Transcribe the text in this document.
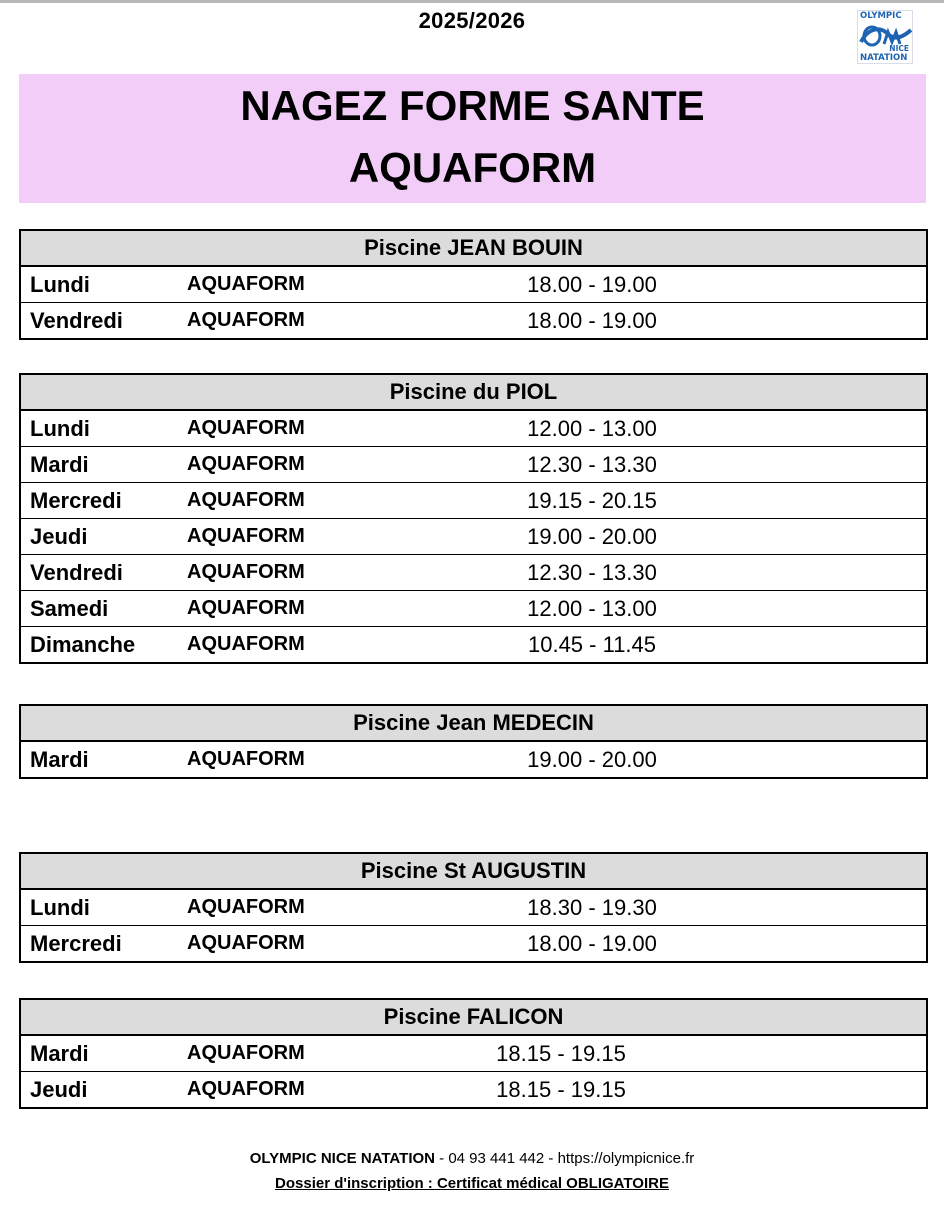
2025/2026	OLYMPIC
NICE
NATATION
NAGEZ FORME SANTE
AQUAFORM
Piscine JEAN BOUIN
Lundi	AQUAFORM	18.00 - 19.00
Vendredi	AQUAFORM	18.00 - 19.00
Piscine du PIOL
Lundi	AQUAFORM	12.00 - 13.00
Mardi	AQUAFORM	12.30 - 13.30
Mercredi	AQUAFORM	19.15 - 20.15
Jeudi	AQUAFORM	19.00 - 20.00
Vendredi	AQUAFORM	12.30 - 13.30
Samedi	AQUAFORM	12.00 - 13.00
Dimanche	AQUAFORM	10.45 - 11.45
Piscine Jean MEDECIN
Mardi	AQUAFORM	19.00 - 20.00
Piscine St AUGUSTIN
Lundi	AQUAFORM	18.30 - 19.30
Mercredi	AQUAFORM	18.00 - 19.00
Piscine FALICON
Mardi	AQUAFORM	18.15 - 19.15
Jeudi	AQUAFORM	18.15 - 19.15
OLYMPIC NICE NATATION - 04 93 441 442 - https://olympicnice.fr
Dossier d'inscription : Certificat médical OBLIGATOIRE
